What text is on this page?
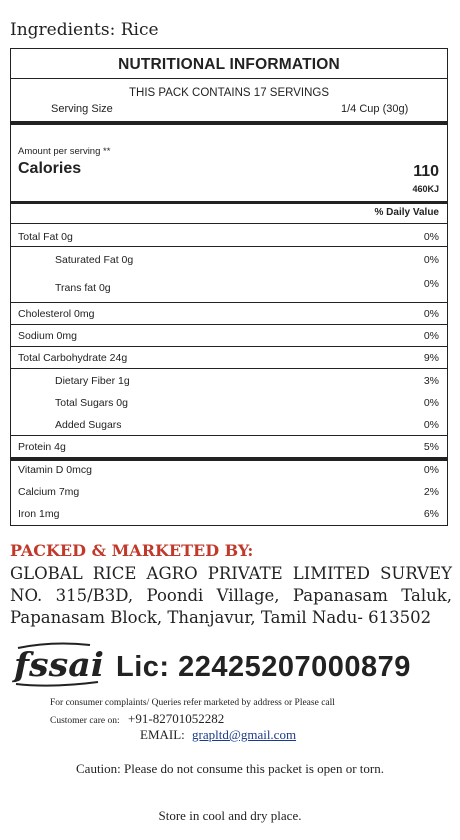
Ingredients: Rice
NUTRITIONAL INFORMATION
THIS PACK CONTAINS 17 SERVINGS
Serving Size	1/4 Cup (30g)
Amount per serving **
Calories	110
460KJ
% Daily Value
Total Fat 0g	0%
Saturated Fat 0g	0%
Trans fat 0g	0%
Cholesterol 0mg	0%
Sodium 0mg	0%
Total Carbohydrate 24g	9%
Dietary Fiber 1g	3%
Total Sugars 0g	0%
Added Sugars	0%
Protein 4g	5%
Vitamin D 0mcg	0%
Calcium 7mg	2%
Iron 1mg	6%
PACKED & MARKETED BY:
GLOBAL RICE AGRO PRIVATE LIMITED SURVEY NO. 315/B3D, Poondi Village, Papanasam Taluk, Papanasam Block, Thanjavur, Tamil Nadu- 613502
fssai Lic: 22425207000879
For consumer complaints/ Queries refer marketed by address or Please call
Customer care on: +91-82701052282
EMAIL: grapltd@gmail.com
Caution: Please do not consume this packet is open or torn.
Store in cool and dry place.
